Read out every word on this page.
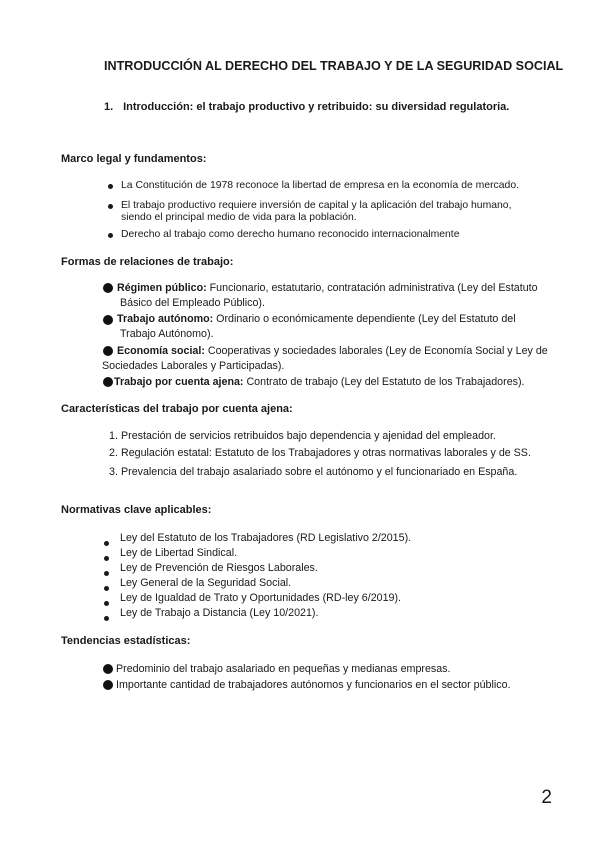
INTRODUCCIÓN AL DERECHO DEL TRABAJO Y DE LA SEGURIDAD SOCIAL
1. Introducción: el trabajo productivo y retribuido: su diversidad regulatoria.
Marco legal y fundamentos:
La Constitución de 1978 reconoce la libertad de empresa en la economía de mercado.
El trabajo productivo requiere inversión de capital y la aplicación del trabajo humano,
siendo el principal medio de vida para la población.
Derecho al trabajo como derecho humano reconocido internacionalmente
Formas de relaciones de trabajo:
Régimen público: Funcionario, estatutario, contratación administrativa (Ley del Estatuto
Básico del Empleado Público).
Trabajo autónomo: Ordinario o económicamente dependiente (Ley del Estatuto del
Trabajo Autónomo).
Economía social: Cooperativas y sociedades laborales (Ley de Economía Social y Ley de
Sociedades Laborales y Participadas).
Trabajo por cuenta ajena: Contrato de trabajo (Ley del Estatuto de los Trabajadores).
Características del trabajo por cuenta ajena:
1. Prestación de servicios retribuidos bajo dependencia y ajenidad del empleador.
2. Regulación estatal: Estatuto de los Trabajadores y otras normativas laborales y de SS.
3. Prevalencia del trabajo asalariado sobre el autónomo y el funcionariado en España.
Normativas clave aplicables:
Ley del Estatuto de los Trabajadores (RD Legislativo 2/2015).
Ley de Libertad Sindical.
Ley de Prevención de Riesgos Laborales.
Ley General de la Seguridad Social.
Ley de Igualdad de Trato y Oportunidades (RD-ley 6/2019).
Ley de Trabajo a Distancia (Ley 10/2021).
Tendencias estadísticas:
Predominio del trabajo asalariado en pequeñas y medianas empresas.
Importante cantidad de trabajadores autónomos y funcionarios en el sector público.
2
